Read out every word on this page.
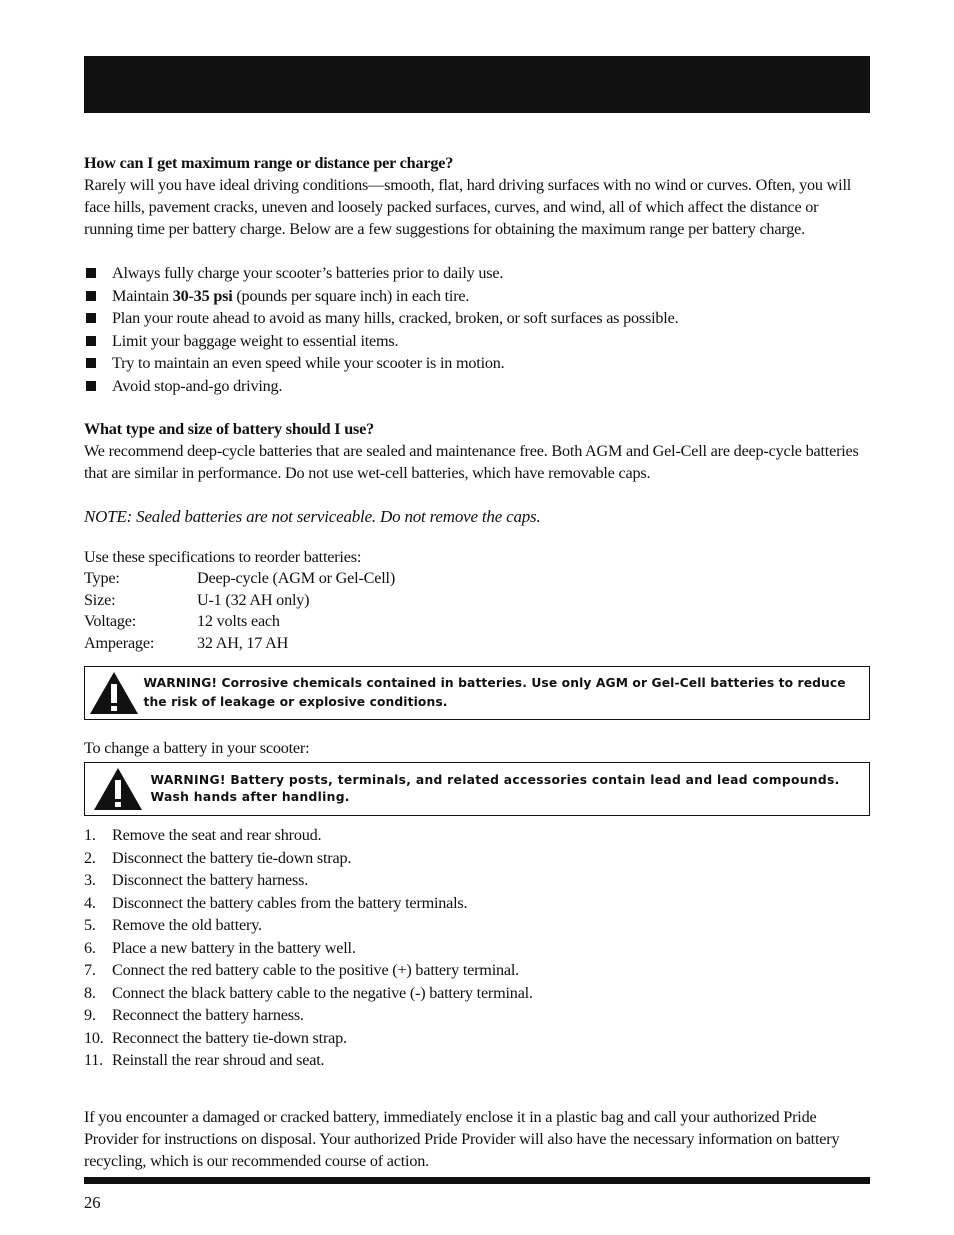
How can I get maximum range or distance per charge?

Rarely will you have ideal driving conditions—smooth, flat, hard driving surfaces with no wind or curves. Often, you will face hills, pavement cracks, uneven and loosely packed surfaces, curves, and wind, all of which affect the distance or running time per battery charge. Below are a few suggestions for obtaining the maximum range per battery charge.

Always fully charge your scooter’s batteries prior to daily use.
Maintain 30-35 psi (pounds per square inch) in each tire.
Plan your route ahead to avoid as many hills, cracked, broken, or soft surfaces as possible.
Limit your baggage weight to essential items.
Try to maintain an even speed while your scooter is in motion.
Avoid stop-and-go driving.

What type and size of battery should I use?

We recommend deep-cycle batteries that are sealed and maintenance free. Both AGM and Gel-Cell are deep-cycle batteries that are similar in performance. Do not use wet-cell batteries, which have removable caps.

NOTE: Sealed batteries are not serviceable. Do not remove the caps.

Use these specifications to reorder batteries:

Type:	Deep-cycle (AGM or Gel-Cell)
Size:	U-1 (32 AH only)
Voltage:	12 volts each
Amperage:	32 AH, 17 AH
WARNING! Corrosive chemicals contained in batteries. Use only AGM or Gel-Cell batteries to reduce the risk of leakage or explosive conditions.

To change a battery in your scooter:

WARNING! Battery posts, terminals, and related accessories contain lead and lead compounds. Wash hands after handling.
1.	Remove the seat and rear shroud.
2.	Disconnect the battery tie-down strap.
3.	Disconnect the battery harness.
4.	Disconnect the battery cables from the battery terminals.
5.	Remove the old battery.
6.	Place a new battery in the battery well.
7.	Connect the red battery cable to the positive (+) battery terminal.
8.	Connect the black battery cable to the negative (-) battery terminal.
9.	Reconnect the battery harness.
10. Reconnect the battery tie-down strap.
11. Reinstall the rear shroud and seat.

If you encounter a damaged or cracked battery, immediately enclose it in a plastic bag and call your authorized Pride Provider for instructions on disposal. Your authorized Pride Provider will also have the necessary information on battery recycling, which is our recommended course of action.

26
